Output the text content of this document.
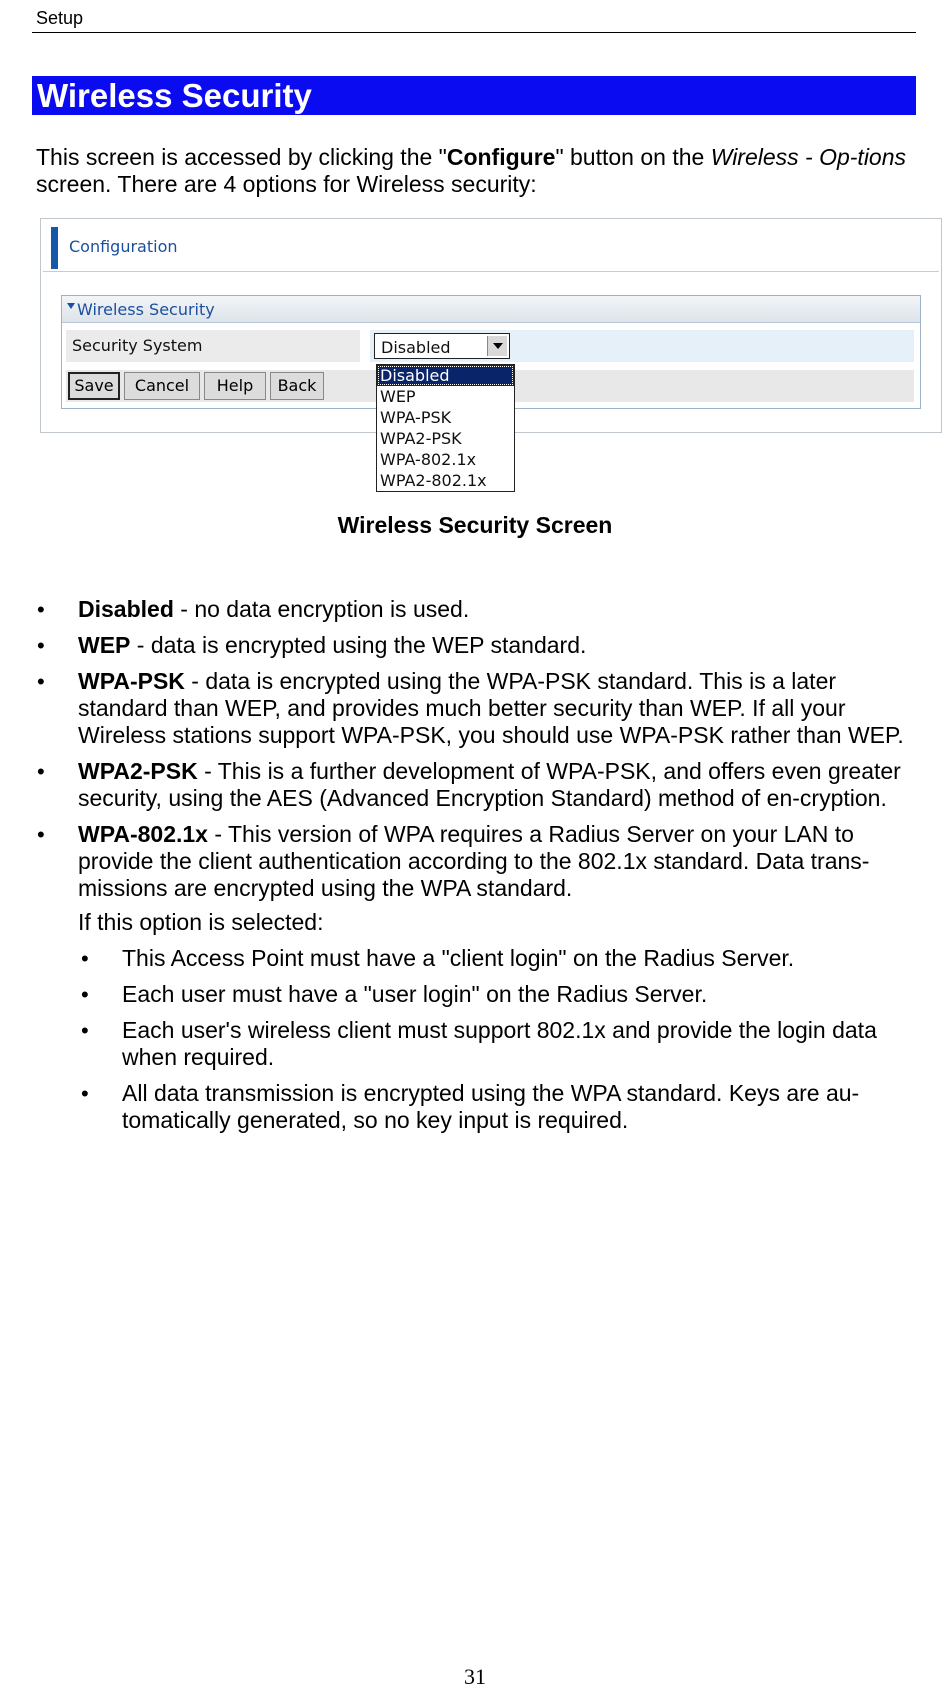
Setup
Wireless Security

This screen is accessed by clicking the "Configure" button on the Wireless - Op-tions screen. There are 4 options for Wireless security:

Configuration
Wireless Security
Security System	Disabled
Save	Cancel	Help	Back
Disabled
WEP
WPA-PSK
WPA2-PSK
WPA-802.1x
WPA2-802.1x
Wireless Security Screen
• Disabled - no data encryption is used.
• WEP - data is encrypted using the WEP standard.
• WPA-PSK - data is encrypted using the WPA-PSK standard. This is a later standard than WEP, and provides much better security than WEP. If all your Wireless stations support WPA-PSK, you should use WPA-PSK rather than WEP.
• WPA2-PSK - This is a further development of WPA-PSK, and offers even greater security, using the AES (Advanced Encryption Standard) method of en-cryption.
• WPA-802.1x - This version of WPA requires a Radius Server on your LAN to provide the client authentication according to the 802.1x standard. Data trans-missions are encrypted using the WPA standard.
If this option is selected:
• This Access Point must have a "client login" on the Radius Server.
• Each user must have a "user login" on the Radius Server.
• Each user's wireless client must support 802.1x and provide the login data when required.
• All data transmission is encrypted using the WPA standard. Keys are au-tomatically generated, so no key input is required.
31
